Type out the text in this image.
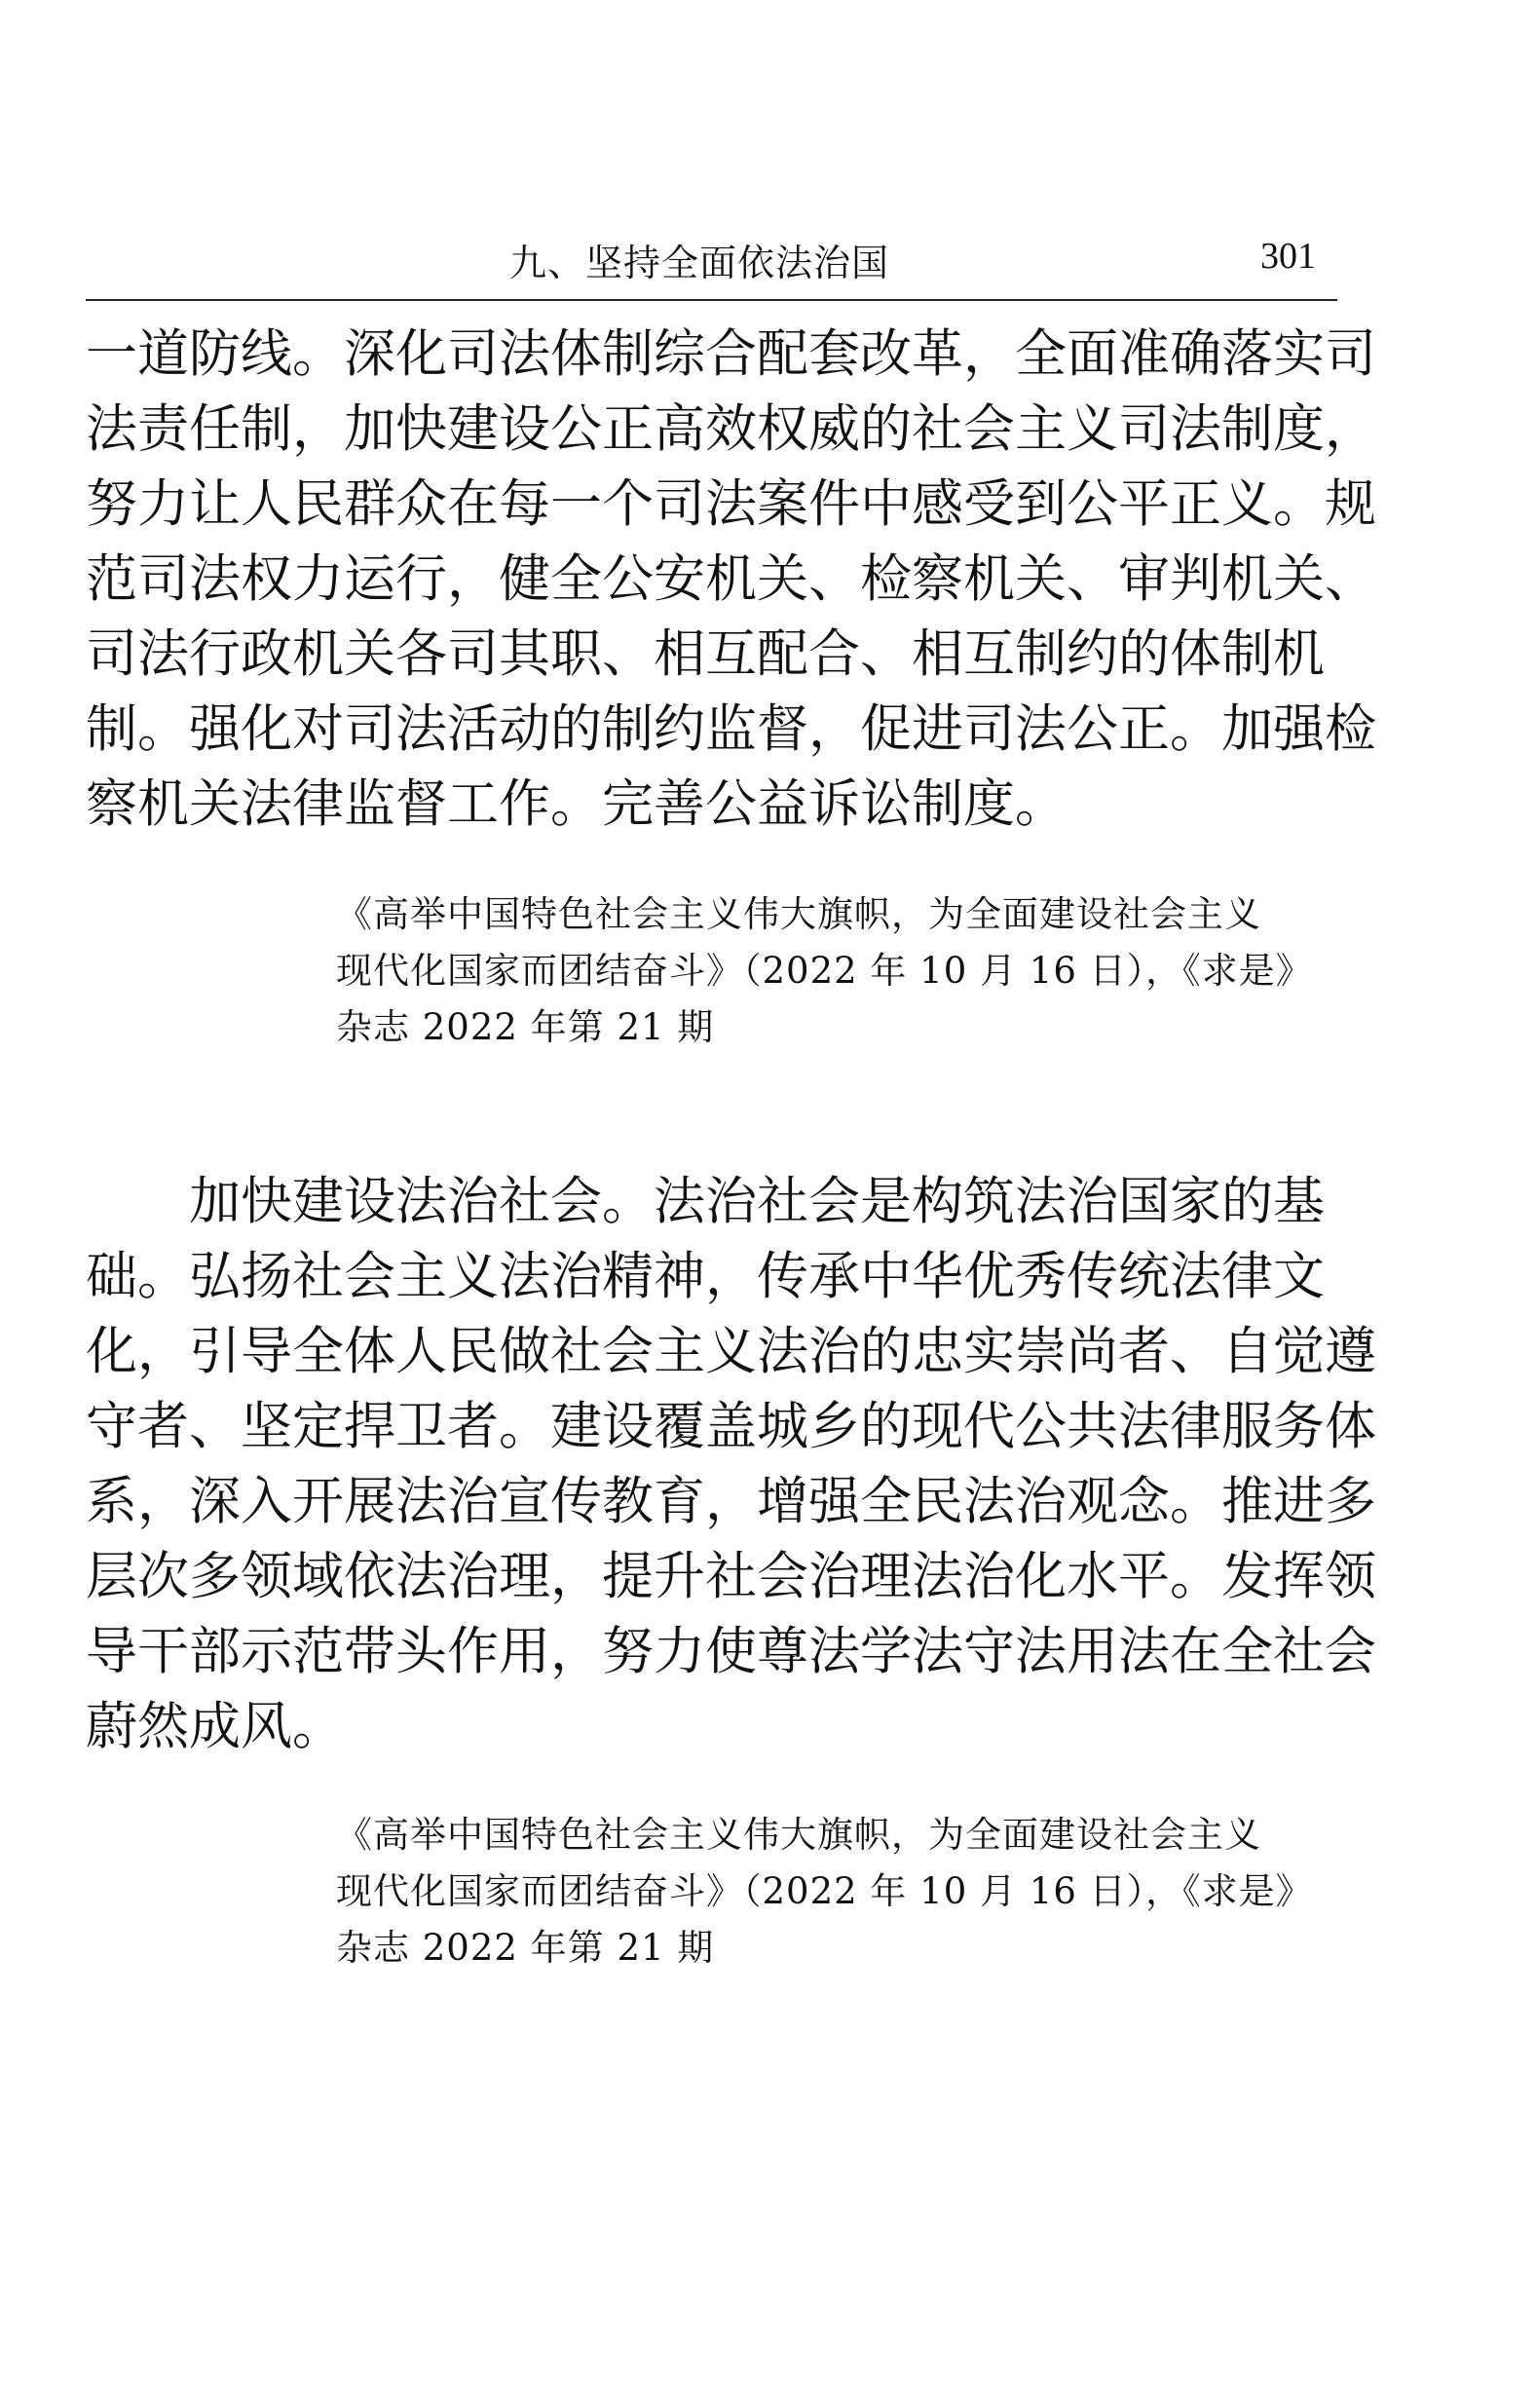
九、坚持全面依法治国	301
一道防线。深化司法体制综合配套改革，全面准确落实司
法责任制，加快建设公正高效权威的社会主义司法制度，
努力让人民群众在每一个司法案件中感受到公平正义。规
范司法权力运行，健全公安机关、检察机关、审判机关、
司法行政机关各司其职、相互配合、相互制约的体制机
制。强化对司法活动的制约监督，促进司法公正。加强检
察机关法律监督工作。完善公益诉讼制度。
《高举中国特色社会主义伟大旗帜，为全面建设社会主义
现代化国家而团结奋斗》（2022 年 10 月 16 日），《求是》
杂志 2022 年第 21 期
加快建设法治社会。法治社会是构筑法治国家的基
础。弘扬社会主义法治精神，传承中华优秀传统法律文
化，引导全体人民做社会主义法治的忠实崇尚者、自觉遵
守者、坚定捍卫者。建设覆盖城乡的现代公共法律服务体
系，深入开展法治宣传教育，增强全民法治观念。推进多
层次多领域依法治理，提升社会治理法治化水平。发挥领
导干部示范带头作用，努力使尊法学法守法用法在全社会
蔚然成风。
《高举中国特色社会主义伟大旗帜，为全面建设社会主义
现代化国家而团结奋斗》（2022 年 10 月 16 日），《求是》
杂志 2022 年第 21 期
